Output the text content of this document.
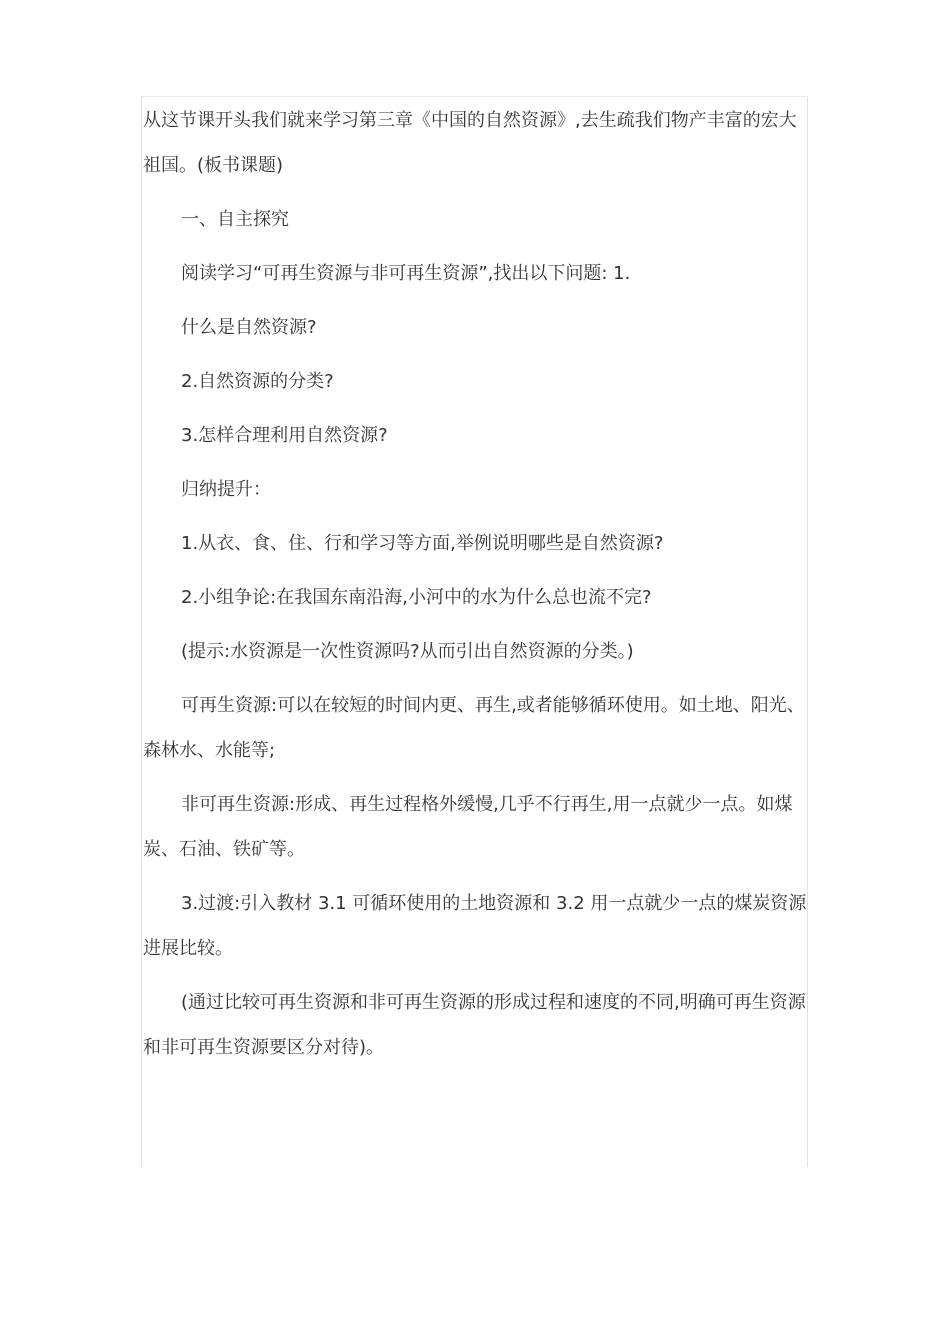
从这节课开头我们就来学习第三章《中国的自然资源》,去生疏我们物产丰富的宏大祖国。(板书课题)

一、自主探究

阅读学习“可再生资源与非可再生资源”,找出以下问题: 1.

什么是自然资源?

2.自然资源的分类?

3.怎样合理利用自然资源?

归纳提升：

1.从衣、食、住、行和学习等方面,举例说明哪些是自然资源?

2.小组争论:在我国东南沿海,小河中的水为什么总也流不完?

(提示:水资源是一次性资源吗?从而引出自然资源的分类。)

可再生资源:可以在较短的时间内更、再生,或者能够循环使用。如土地、阳光、森林水、水能等;

非可再生资源:形成、再生过程格外缓慢,几乎不行再生,用一点就少一点。如煤炭、石油、铁矿等。

3.过渡:引入教材 3.1 可循环使用的土地资源和 3.2 用一点就少一点的煤炭资源进展比较。

(通过比较可再生资源和非可再生资源的形成过程和速度的不同,明确可再生资源和非可再生资源要区分对待)。
